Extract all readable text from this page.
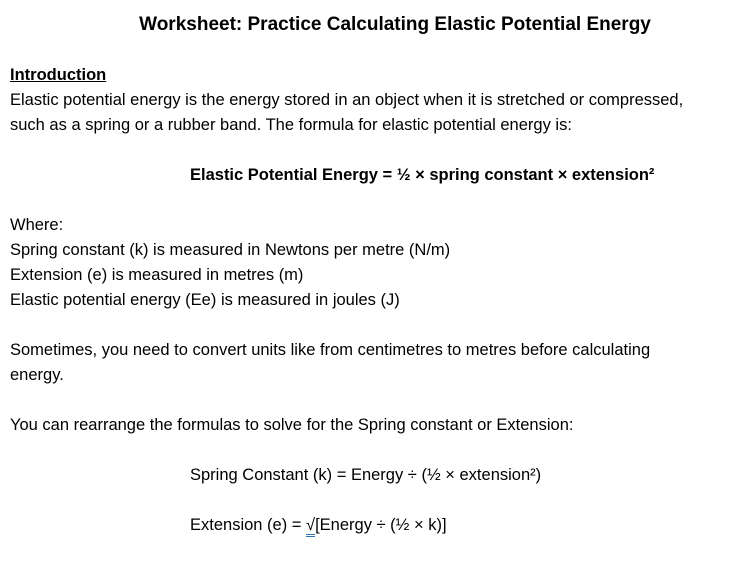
Worksheet: Practice Calculating Elastic Potential Energy
Introduction
Elastic potential energy is the energy stored in an object when it is stretched or compressed,
such as a spring or a rubber band. The formula for elastic potential energy is:
Elastic Potential Energy = ½ × spring constant × extension²
Where:
Spring constant (k) is measured in Newtons per metre (N/m)
Extension (e) is measured in metres (m)
Elastic potential energy (Ee) is measured in joules (J)
Sometimes, you need to convert units like from centimetres to metres before calculating
energy.
You can rearrange the formulas to solve for the Spring constant or Extension:
Spring Constant (k) = Energy ÷ (½ × extension²)
Extension (e) = √[Energy ÷ (½ × k)]
